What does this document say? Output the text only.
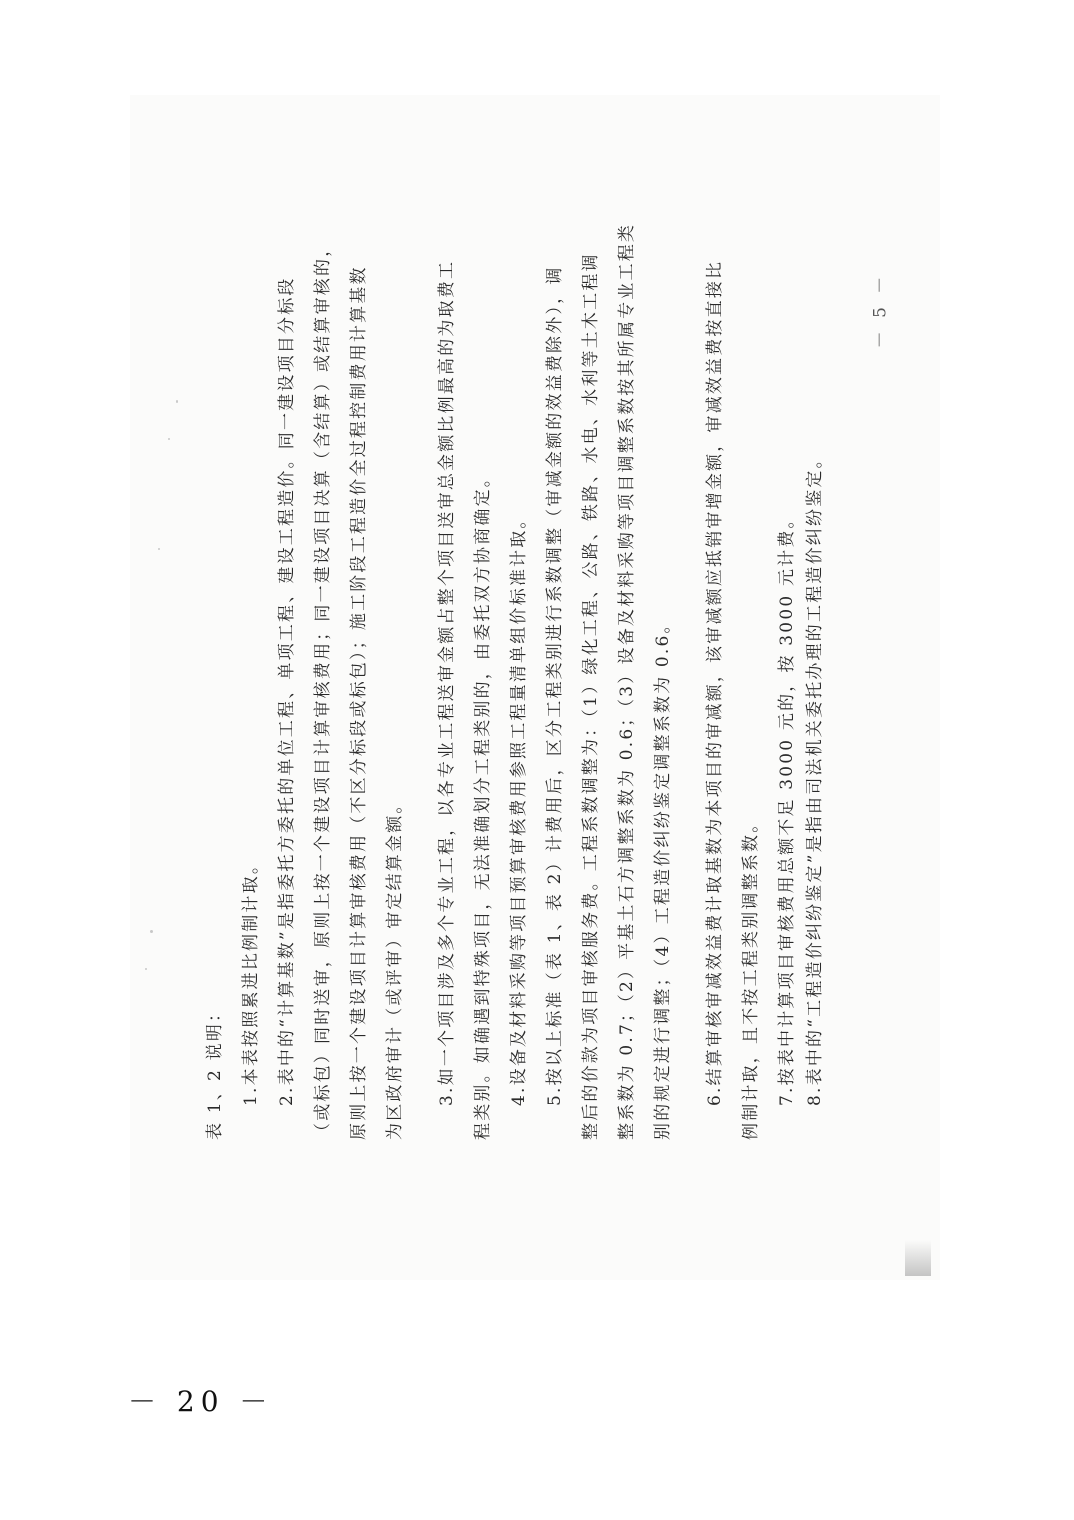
表 1、2 说明： 1.本表按照累进比例制计取。 2.表中的“计算基数”是指委托方委托的单位工程、单项工程、建设工程造价。同一建设项目分标段 （或标包）同时送审，原则上按一个建设项目计算审核费用；同一建设项目决算（含结算）或结算审核的， 原则上按一个建设项目计算审核费用（不区分标段或标包）；施工阶段工程造价全过程控制费用计算基数 为区政府审计（或评审）审定结算金额。 3.如一个项目涉及多个专业工程，以各专业工程送审金额占整个项目送审总金额比例最高的为取费工 程类别。如确遇到特殊项目，无法准确划分工程类别的，由委托双方协商确定。 4.设备及材料采购等项目预算审核费用参照工程量清单组价标准计取。 5.按以上标准（表 1、表 2）计费用后，区分工程类别进行系数调整（审减金额的效益费除外），调 整后的价款为项目审核服务费。工程系数调整为：（1）绿化工程、公路、铁路、水电、水利等土木工程调 整系数为 0.7；（2）平基土石方调整系数为 0.6；（3）设备及材料采购等项目调整系数按其所属专业工程类 别的规定进行调整；（4）工程造价纠纷鉴定调整系数为 0.6。 6.结算审核审减效益费计取基数为本项目的审减额，该审减额应抵销审增金额，审减效益费按直接比 例制计取，且不按工程类别调整系数。 7.按表中计算项目审核费用总额不足 3000 元的，按 3000 元计费。 8.表中的“工程造价纠纷鉴定”是指由司法机关委托办理的工程造价纠纷鉴定。
－ 5 －
－ 20 －
